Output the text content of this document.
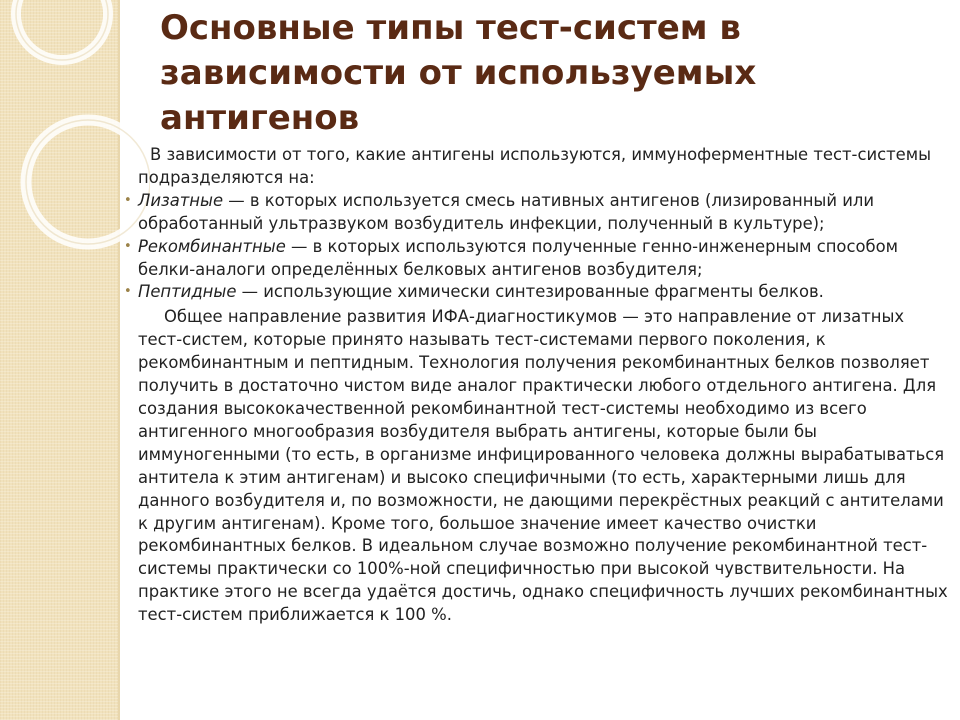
Основные типы тест-систем в зависимости от используемых антигенов

В зависимости от того, какие антигены используются, иммуноферментные тест-системы подразделяются на:

• Лизатные — в которых используется смесь нативных антигенов (лизированный или обработанный ультразвуком возбудитель инфекции, полученный в культуре);

• Рекомбинантные — в которых используются полученные генно-инженерным способом белки-аналоги определённых белковых антигенов возбудителя;

• Пептидные — использующие химически синтезированные фрагменты белков.

Общее направление развития ИФА-диагностикумов — это направление от лизатных тест-систем, которые принято называть тест-системами первого поколения, к рекомбинантным и пептидным. Технология получения рекомбинантных белков позволяет получить в достаточно чистом виде аналог практически любого отдельного антигена. Для создания высококачественной рекомбинантной тест-системы необходимо из всего антигенного многообразия возбудителя выбрать антигены, которые были бы иммуногенными (то есть, в организме инфицированного человека должны вырабатываться антитела к этим антигенам) и высоко специфичными (то есть, характерными лишь для данного возбудителя и, по возможности, не дающими перекрёстных реакций с антителами к другим антигенам). Кроме того, большое значение имеет качество очистки рекомбинантных белков. В идеальном случае возможно получение рекомбинантной тест-системы практически со 100%-ной специфичностью при высокой чувствительности. На практике этого не всегда удаётся достичь, однако специфичность лучших рекомбинантных тест-систем приближается к 100 %.
